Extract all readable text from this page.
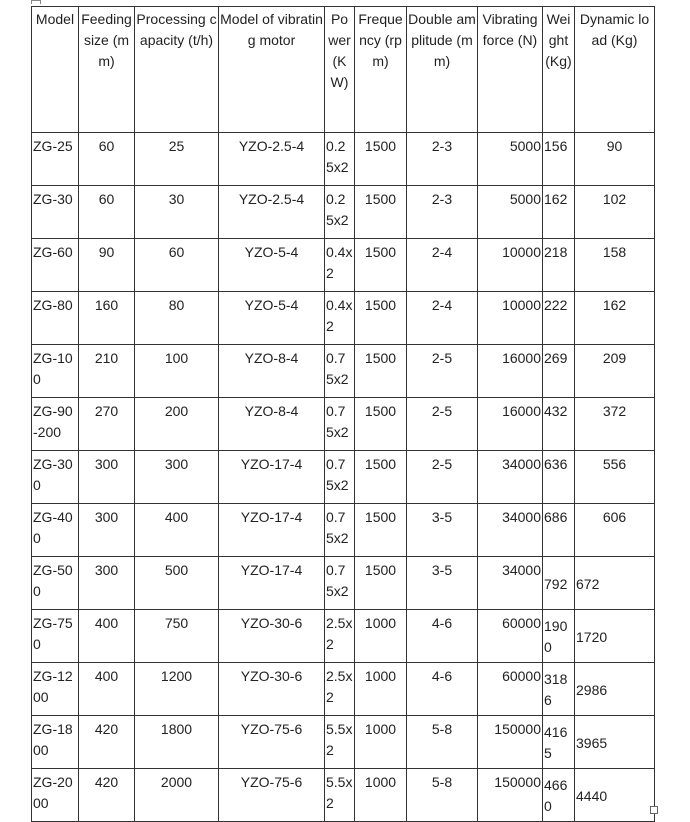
Model	Feeding size (mm)	Processing capacity (t/h)	Model of vibrating motor	Power (KW)	Frequency (rpm)	Double amplitude (mm)	Vibrating force (N)	Weight (Kg)	Dynamic load (Kg)
ZG-25	60	25	YZO-2.5-4	0.25x2	1500	2-3	5000	156	90
ZG-30	60	30	YZO-2.5-4	0.25x2	1500	2-3	5000	162	102
ZG-60	90	60	YZO-5-4	0.4x2	1500	2-4	10000	218	158
ZG-80	160	80	YZO-5-4	0.4x2	1500	2-4	10000	222	162
ZG-100	210	100	YZO-8-4	0.75x2	1500	2-5	16000	269	209
ZG-90-200	270	200	YZO-8-4	0.75x2	1500	2-5	16000	432	372
ZG-300	300	300	YZO-17-4	0.75x2	1500	2-5	34000	636	556
ZG-400	300	400	YZO-17-4	0.75x2	1500	3-5	34000	686	606
ZG-500	300	500	YZO-17-4	0.75x2	1500	3-5	34000	792	672
ZG-750	400	750	YZO-30-6	2.5x2	1000	4-6	60000	1900	1720
ZG-1200	400	1200	YZO-30-6	2.5x2	1000	4-6	60000	3186	2986
ZG-1800	420	1800	YZO-75-6	5.5x2	1000	5-8	150000	4165	3965
ZG-2000	420	2000	YZO-75-6	5.5x2	1000	5-8	150000	4660	4440
